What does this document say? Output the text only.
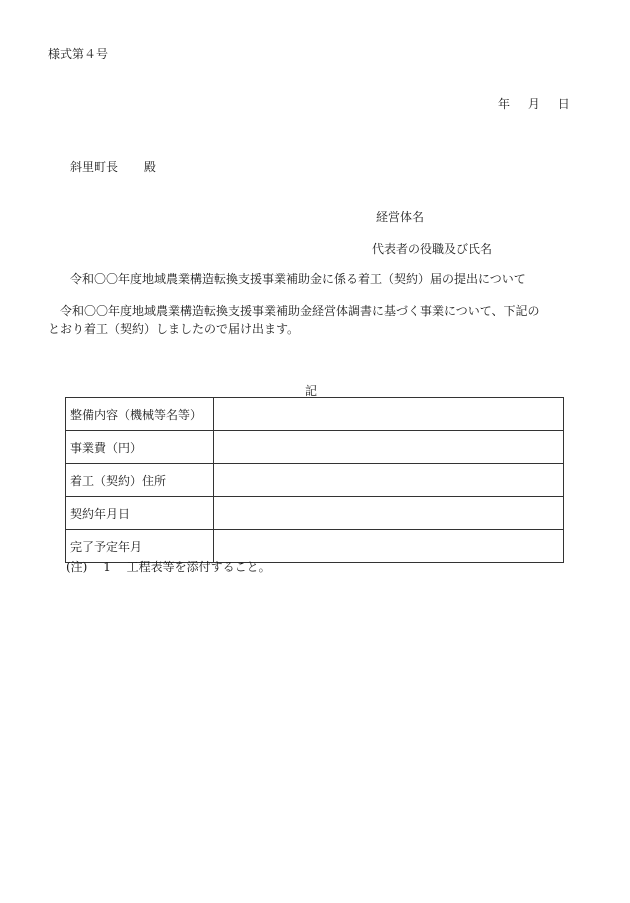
様式第４号
年 月 日
斜里町長 殿
経営体名
代表者の役職及び氏名
令和〇〇年度地域農業構造転換支援事業補助金に係る着工（契約）届の提出について
令和〇〇年度地域農業構造転換支援事業補助金経営体調書に基づく事業について、下記のとおり着工（契約）しましたので届け出ます。
記
整備内容（機械等名等）	
事業費（円）	
着工（契約）住所	
契約年月日	
完了予定年月	
(注) 1 工程表等を添付すること。
